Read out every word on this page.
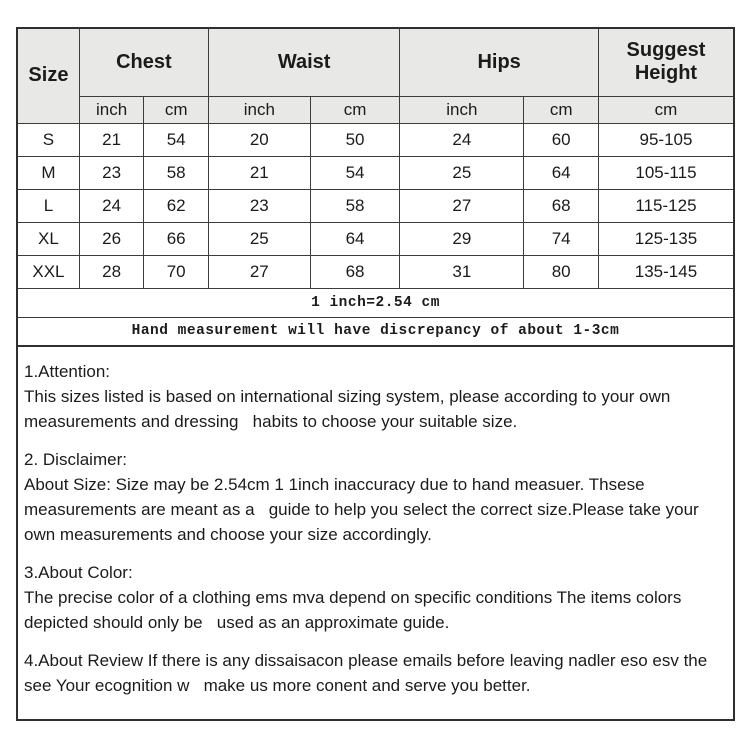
Size	Chest		Waist		Hips		Suggest Height
	inch	cm	inch	cm	inch	cm	cm
S	21	54	20	50	24	60	95-105
M	23	58	21	54	25	64	105-115
L	24	62	23	58	27	68	115-125
XL	26	66	25	64	29	74	125-135
XXL	28	70	27	68	31	80	135-145
1 inch=2.54 cm							
Hand measurement will have discrepancy of about 1-3cm							
1.Attention:
This sizes listed is based on international sizing system, please according to your own measurements and dressing   habits to choose your suitable size.
2. Disclaimer:
About Size: Size may be 2.54cm 1 1inch inaccuracy due to hand measuer. Thsese measurements are meant as a   guide to help you select the correct size.Please take your own measurements and choose your size accordingly.
3.About Color:
The precise color of a clothing ems mva depend on specific conditions The items colors depicted should only be   used as an approximate guide.
4.About Review If there is any dissaisacon please emails before leaving nadler eso esv the see Your ecognition w   make us more conent and serve you better.
